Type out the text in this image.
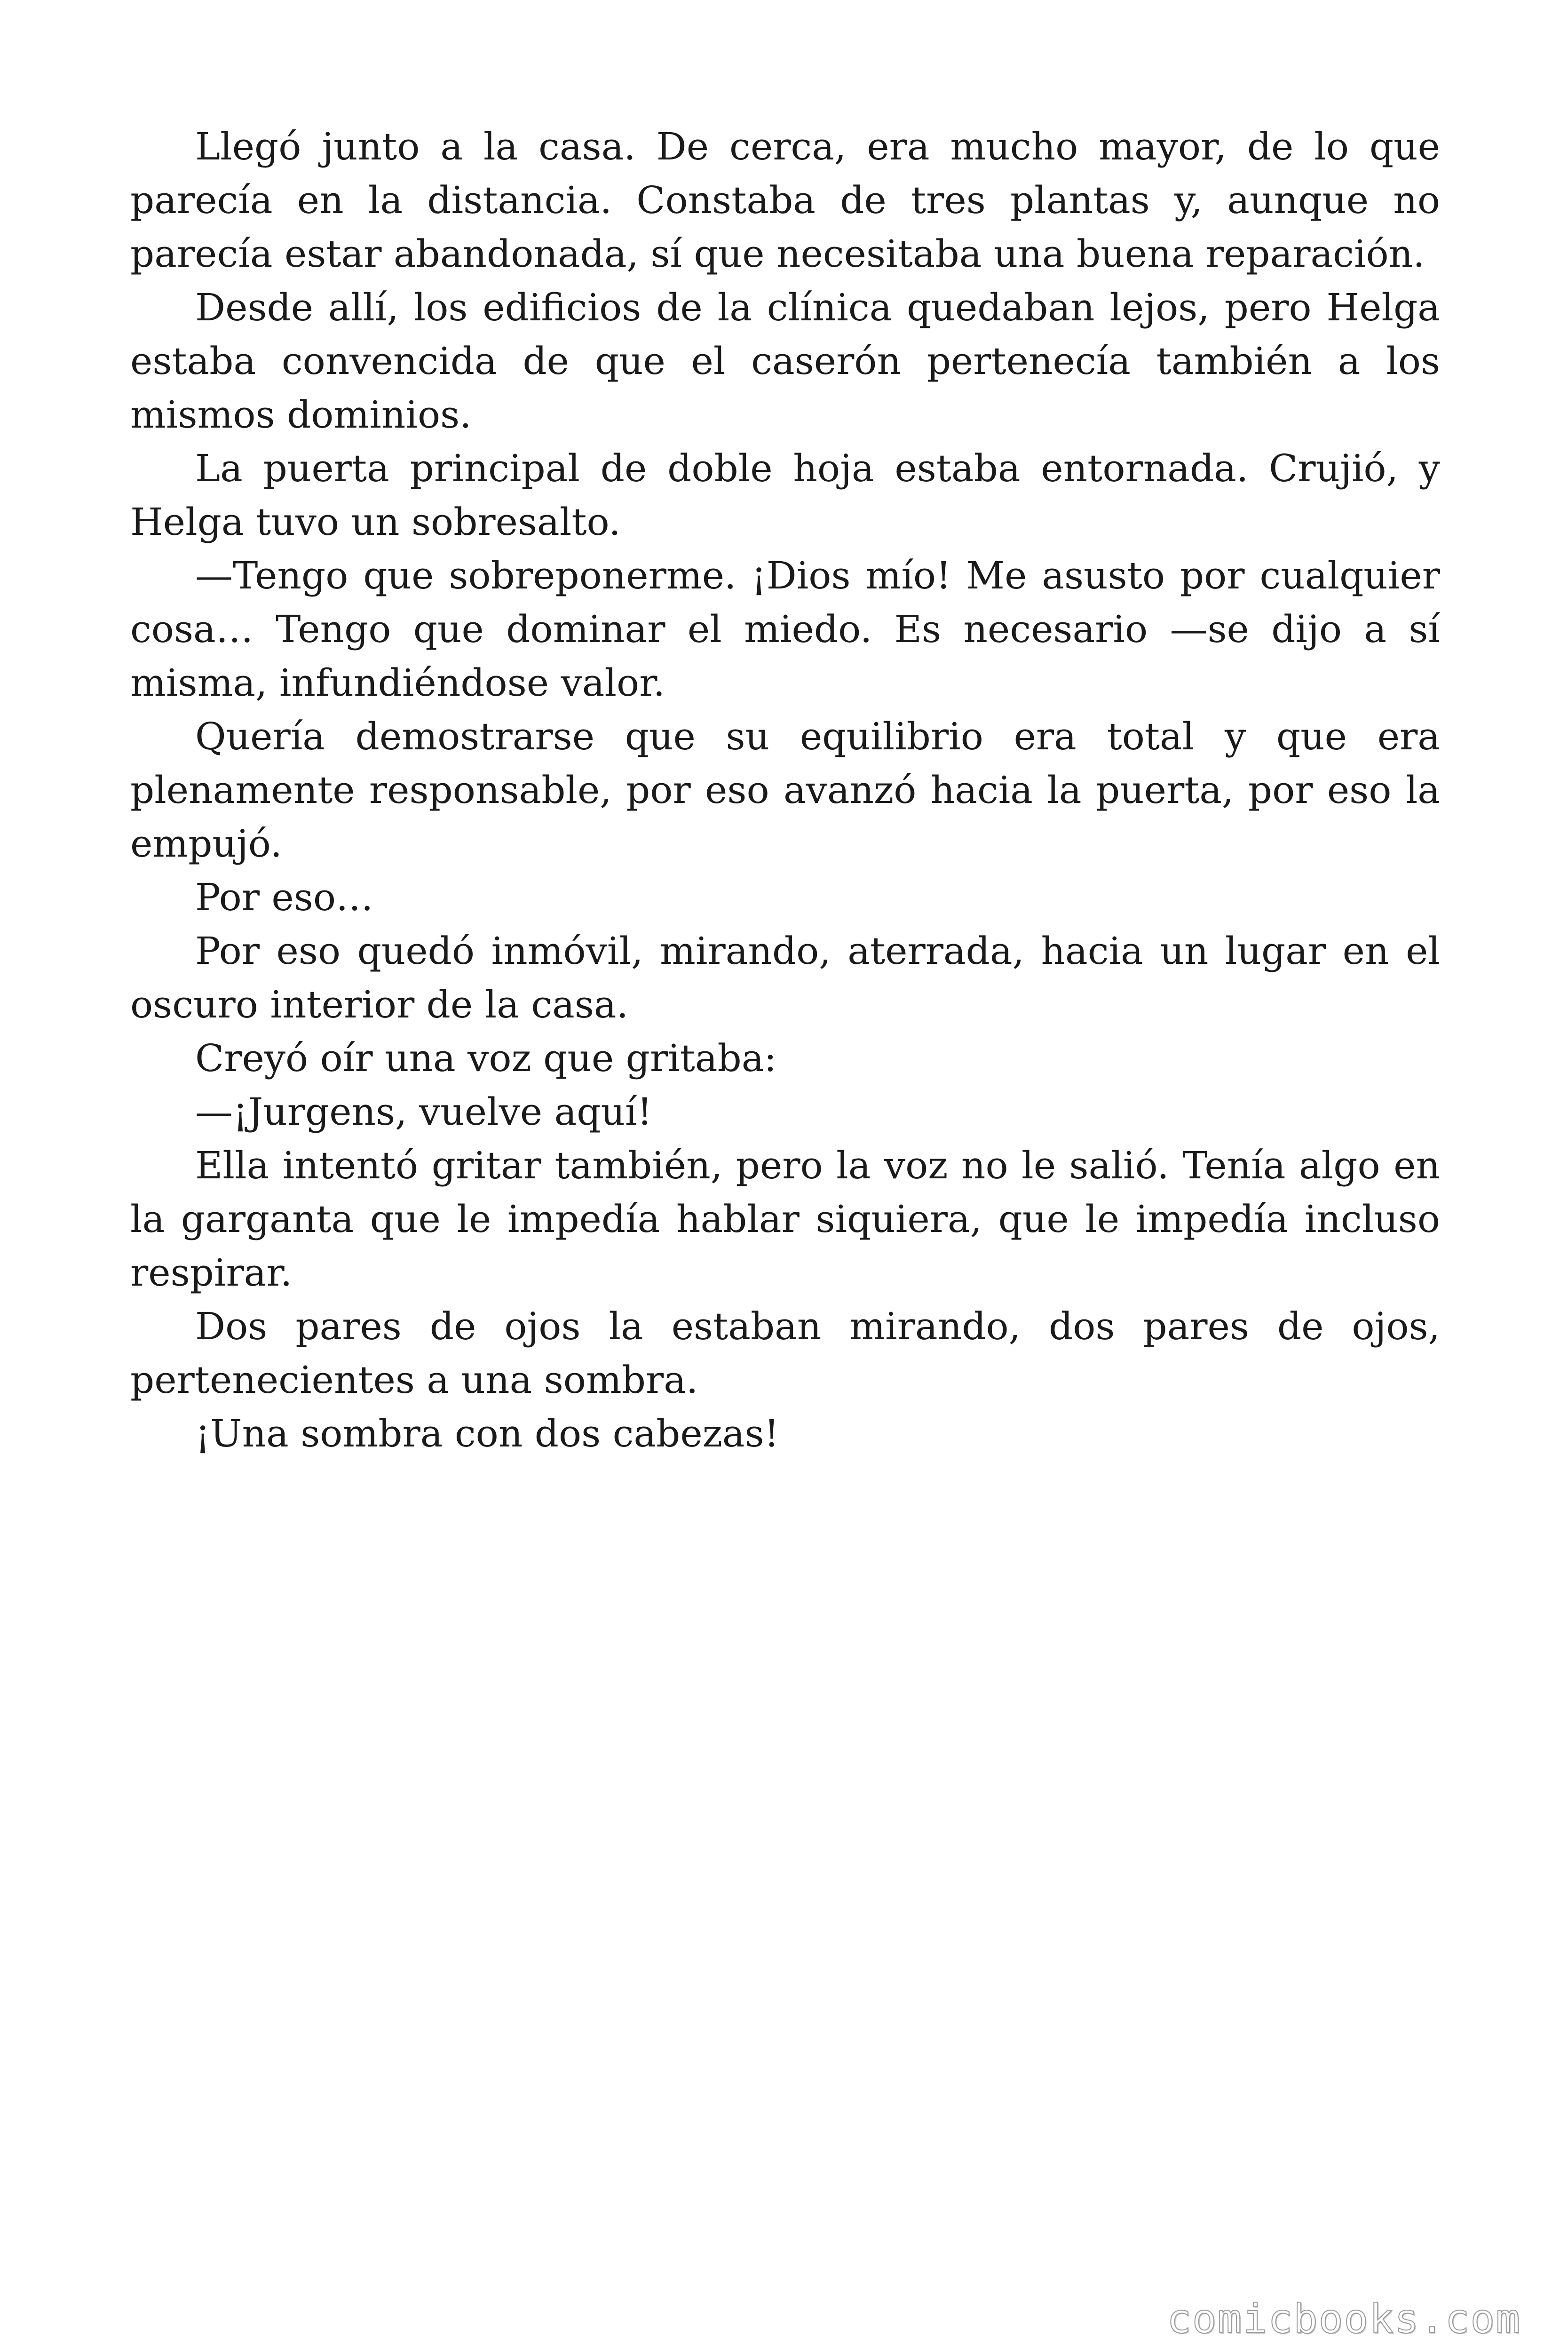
Llegó junto a la casa. De cerca, era mucho mayor, de lo que parecía en la distancia. Constaba de tres plantas y, aunque no parecía estar abandonada, sí que necesitaba una buena reparación.

Desde allí, los edificios de la clínica quedaban lejos, pero Helga estaba convencida de que el caserón pertenecía también a los mismos dominios.

La puerta principal de doble hoja estaba entornada. Crujió, y Helga tuvo un sobresalto.

—Tengo que sobreponerme. ¡Dios mío! Me asusto por cualquier cosa… Tengo que dominar el miedo. Es necesario —se dijo a sí misma, infundiéndose valor.

Quería demostrarse que su equilibrio era total y que era plenamente responsable, por eso avanzó hacia la puerta, por eso la empujó.

Por eso…

Por eso quedó inmóvil, mirando, aterrada, hacia un lugar en el oscuro interior de la casa.

Creyó oír una voz que gritaba:

—¡Jurgens, vuelve aquí!

Ella intentó gritar también, pero la voz no le salió. Tenía algo en la garganta que le impedía hablar siquiera, que le impedía incluso respirar.

Dos pares de ojos la estaban mirando, dos pares de ojos, pertenecientes a una sombra.

¡Una sombra con dos cabezas!

comicbooks.com
